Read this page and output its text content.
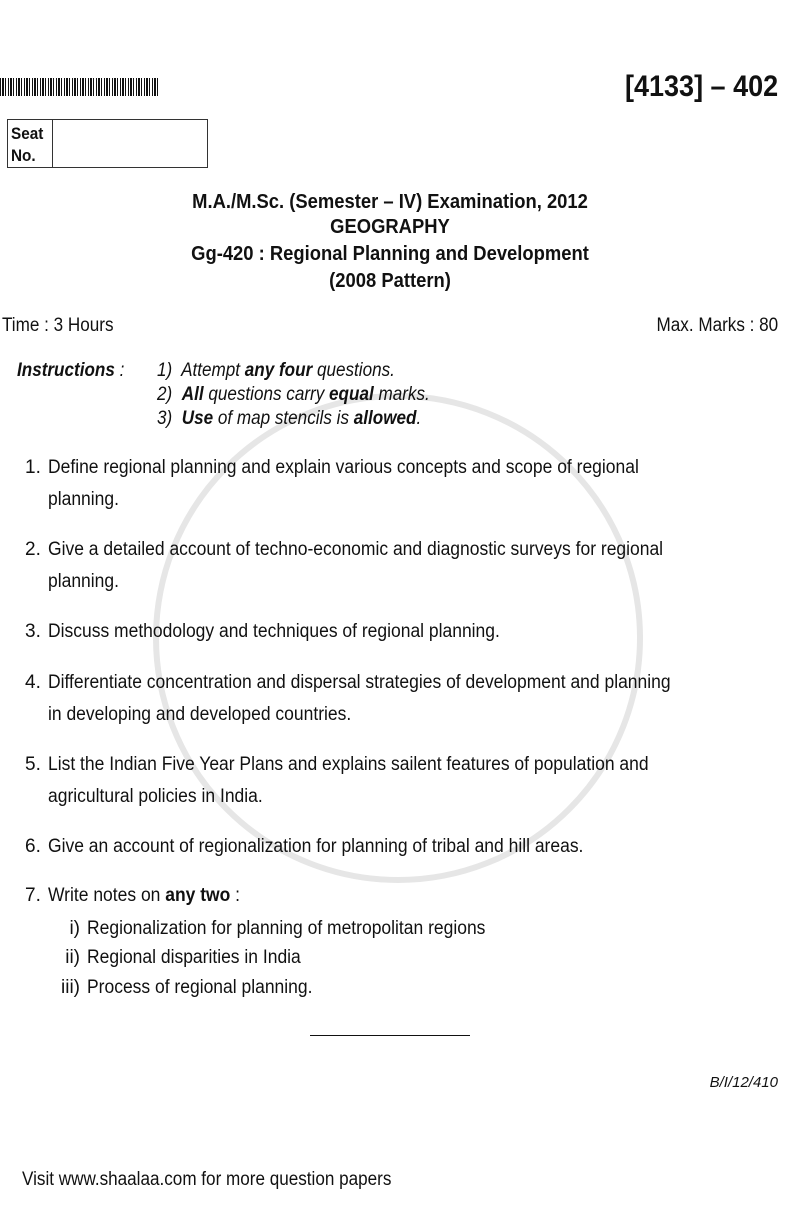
[4133] – 402
Seat
No.
M.A./M.Sc. (Semester – IV) Examination, 2012
GEOGRAPHY
Gg-420 : Regional Planning and Development
(2008 Pattern)
Time : 3 Hours	Max. Marks : 80
Instructions : 1) Attempt any four questions.
2) All questions carry equal marks.
3) Use of map stencils is allowed.
1. Define regional planning and explain various concepts and scope of regional
planning.
2. Give a detailed account of techno-economic and diagnostic surveys for regional
planning.
3. Discuss methodology and techniques of regional planning.
4. Differentiate concentration and dispersal strategies of development and planning
in developing and developed countries.
5. List the Indian Five Year Plans and explains sailent features of population and
agricultural policies in India.
6. Give an account of regionalization for planning of tribal and hill areas.
7. Write notes on any two :
i) Regionalization for planning of metropolitan regions
ii) Regional disparities in India
iii) Process of regional planning.
B/I/12/410
Visit www.shaalaa.com for more question papers
